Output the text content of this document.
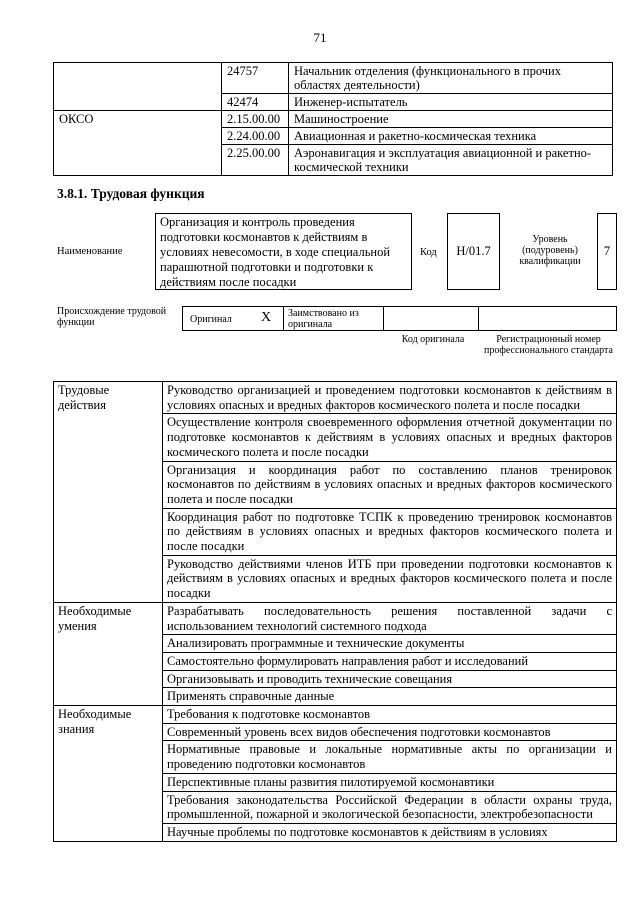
71
	24757	Начальник отделения (функционального в прочих областях деятельности)
	42474	Инженер-испытатель
ОКСО	2.15.00.00	Машиностроение
	2.24.00.00	Авиационная и ракетно-космическая техника
	2.25.00.00	Аэронавигация и эксплуатация авиационной и ракетно-космической техники
3.8.1. Трудовая функция
Наименование
Организация и контроль проведения подготовки космонавтов к действиям в условиях невесомости, в ходе специальной парашютной подготовки и подготовки к действиям после посадки
Код	Н/01.7
Уровень (подуровень) квалификации
7
Происхождение трудовой функции	Оригинал X Заимствовано из оригинала
Код оригинала	Регистрационный номер профессионального стандарта
Трудовые действия	Руководство организацией и проведением подготовки космонавтов к действиям в условиях опасных и вредных факторов космического полета и после посадки
	Осуществление контроля своевременного оформления отчетной документации по подготовке космонавтов к действиям в условиях опасных и вредных факторов космического полета и после посадки
	Организация и координация работ по составлению планов тренировок космонавтов по действиям в условиях опасных и вредных факторов космического полета и после посадки
	Координация работ по подготовке ТСПК к проведению тренировок космонавтов по действиям в условиях опасных и вредных факторов космического полета и после посадки
	Руководство действиями членов ИТБ при проведении подготовки космонавтов к действиям в условиях опасных и вредных факторов космического полета и после посадки
Необходимые умения	Разрабатывать последовательность решения поставленной задачи с использованием технологий системного подхода
	Анализировать программные и технические документы
	Самостоятельно формулировать направления работ и исследований
	Организовывать и проводить технические совещания
	Применять справочные данные
Необходимые знания	Требования к подготовке космонавтов
	Современный уровень всех видов обеспечения подготовки космонавтов
	Нормативные правовые и локальные нормативные акты по организации и проведению подготовки космонавтов
	Перспективные планы развития пилотируемой космонавтики
	Требования законодательства Российской Федерации в области охраны труда, промышленной, пожарной и экологической безопасности, электробезопасности
	Научные проблемы по подготовке космонавтов к действиям в условиях
